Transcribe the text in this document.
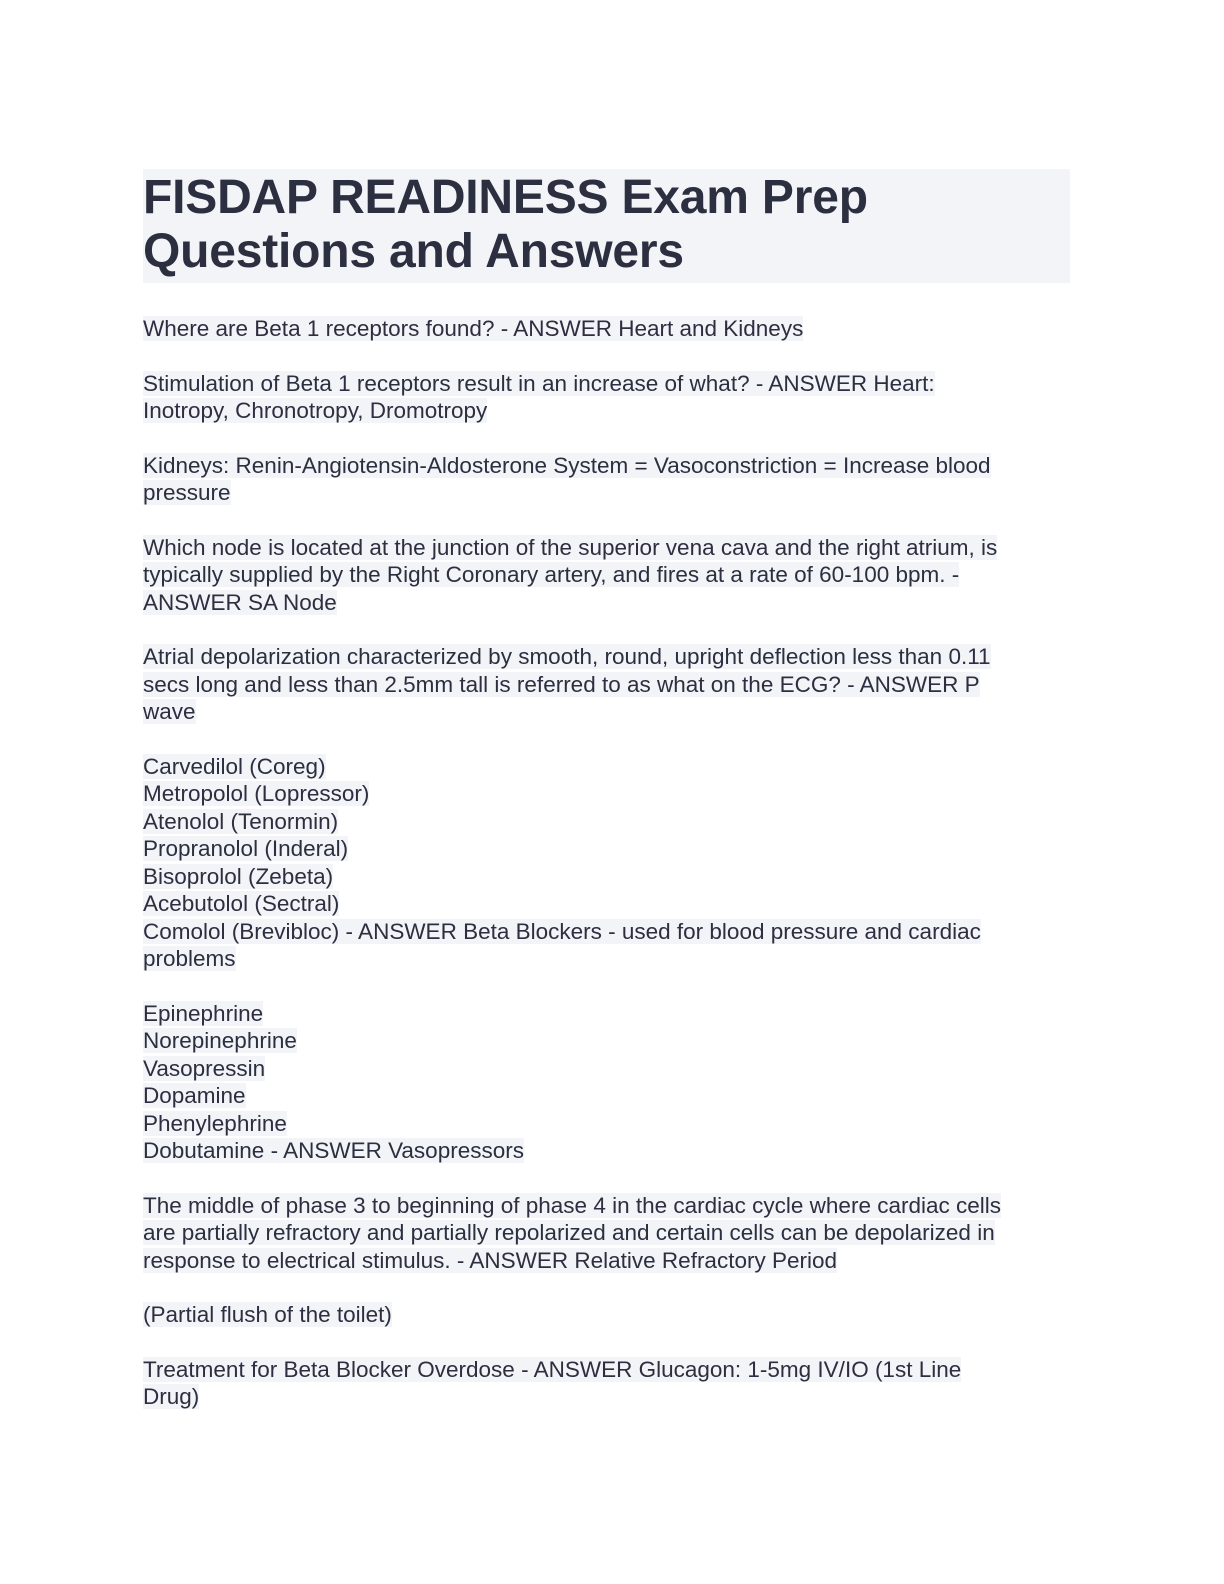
FISDAP READINESS Exam Prep
Questions and Answers

Where are Beta 1 receptors found? - ANSWER Heart and Kidneys

Stimulation of Beta 1 receptors result in an increase of what? - ANSWER Heart:
Inotropy, Chronotropy, Dromotropy

Kidneys: Renin-Angiotensin-Aldosterone System = Vasoconstriction = Increase blood
pressure

Which node is located at the junction of the superior vena cava and the right atrium, is
typically supplied by the Right Coronary artery, and fires at a rate of 60-100 bpm. -
ANSWER SA Node

Atrial depolarization characterized by smooth, round, upright deflection less than 0.11
secs long and less than 2.5mm tall is referred to as what on the ECG? - ANSWER P
wave

Carvedilol (Coreg)
Metropolol (Lopressor)
Atenolol (Tenormin)
Propranolol (Inderal)
Bisoprolol (Zebeta)
Acebutolol (Sectral)
Comolol (Brevibloc) - ANSWER Beta Blockers - used for blood pressure and cardiac
problems

Epinephrine
Norepinephrine
Vasopressin
Dopamine
Phenylephrine
Dobutamine - ANSWER Vasopressors

The middle of phase 3 to beginning of phase 4 in the cardiac cycle where cardiac cells
are partially refractory and partially repolarized and certain cells can be depolarized in
response to electrical stimulus. - ANSWER Relative Refractory Period

(Partial flush of the toilet)

Treatment for Beta Blocker Overdose - ANSWER Glucagon: 1-5mg IV/IO (1st Line
Drug)
